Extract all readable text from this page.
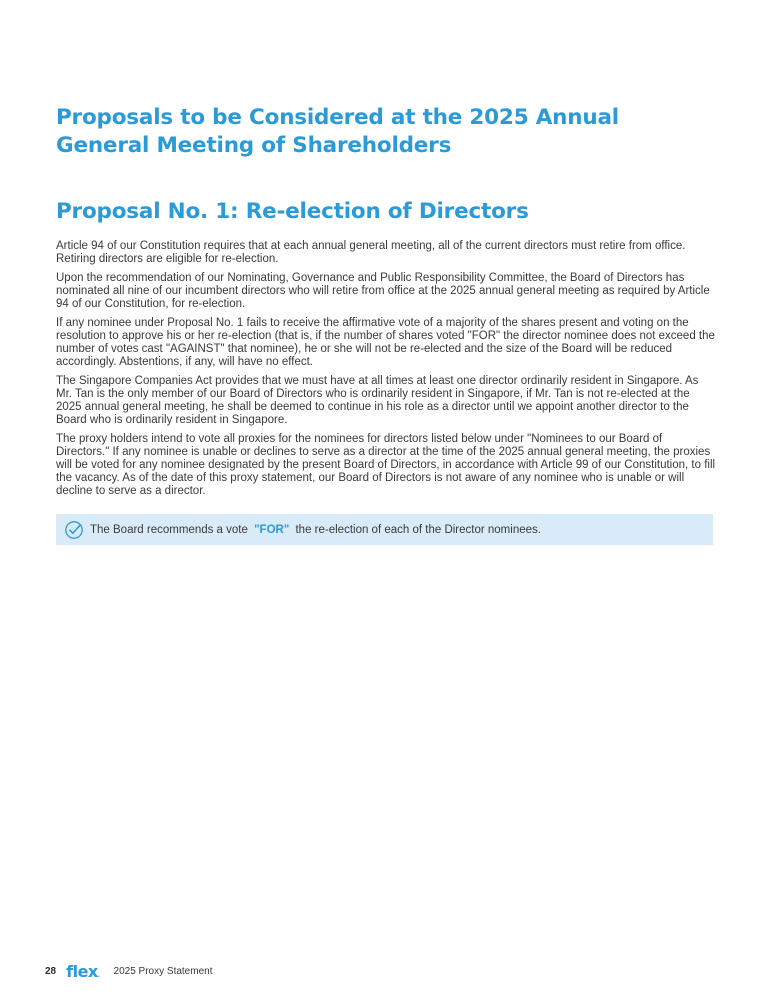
Proposals to be Considered at the 2025 Annual General Meeting of Shareholders
Proposal No. 1: Re-election of Directors

Article 94 of our Constitution requires that at each annual general meeting, all of the current directors must retire from office. Retiring directors are eligible for re-election.

Upon the recommendation of our Nominating, Governance and Public Responsibility Committee, the Board of Directors has nominated all nine of our incumbent directors who will retire from office at the 2025 annual general meeting as required by Article 94 of our Constitution, for re-election.

If any nominee under Proposal No. 1 fails to receive the affirmative vote of a majority of the shares present and voting on the resolution to approve his or her re-election (that is, if the number of shares voted "FOR" the director nominee does not exceed the number of votes cast "AGAINST" that nominee), he or she will not be re-elected and the size of the Board will be reduced accordingly. Abstentions, if any, will have no effect.

The Singapore Companies Act provides that we must have at all times at least one director ordinarily resident in Singapore. As Mr. Tan is the only member of our Board of Directors who is ordinarily resident in Singapore, if Mr. Tan is not re-elected at the 2025 annual general meeting, he shall be deemed to continue in his role as a director until we appoint another director to the Board who is ordinarily resident in Singapore.

The proxy holders intend to vote all proxies for the nominees for directors listed below under "Nominees to our Board of Directors." If any nominee is unable or declines to serve as a director at the time of the 2025 annual general meeting, the proxies will be voted for any nominee designated by the present Board of Directors, in accordance with Article 99 of our Constitution, to fill the vacancy. As of the date of this proxy statement, our Board of Directors is not aware of any nominee who is unable or will decline to serve as a director.

The Board recommends a vote "FOR" the re-election of each of the Director nominees.
28 flex. 2025 Proxy Statement
